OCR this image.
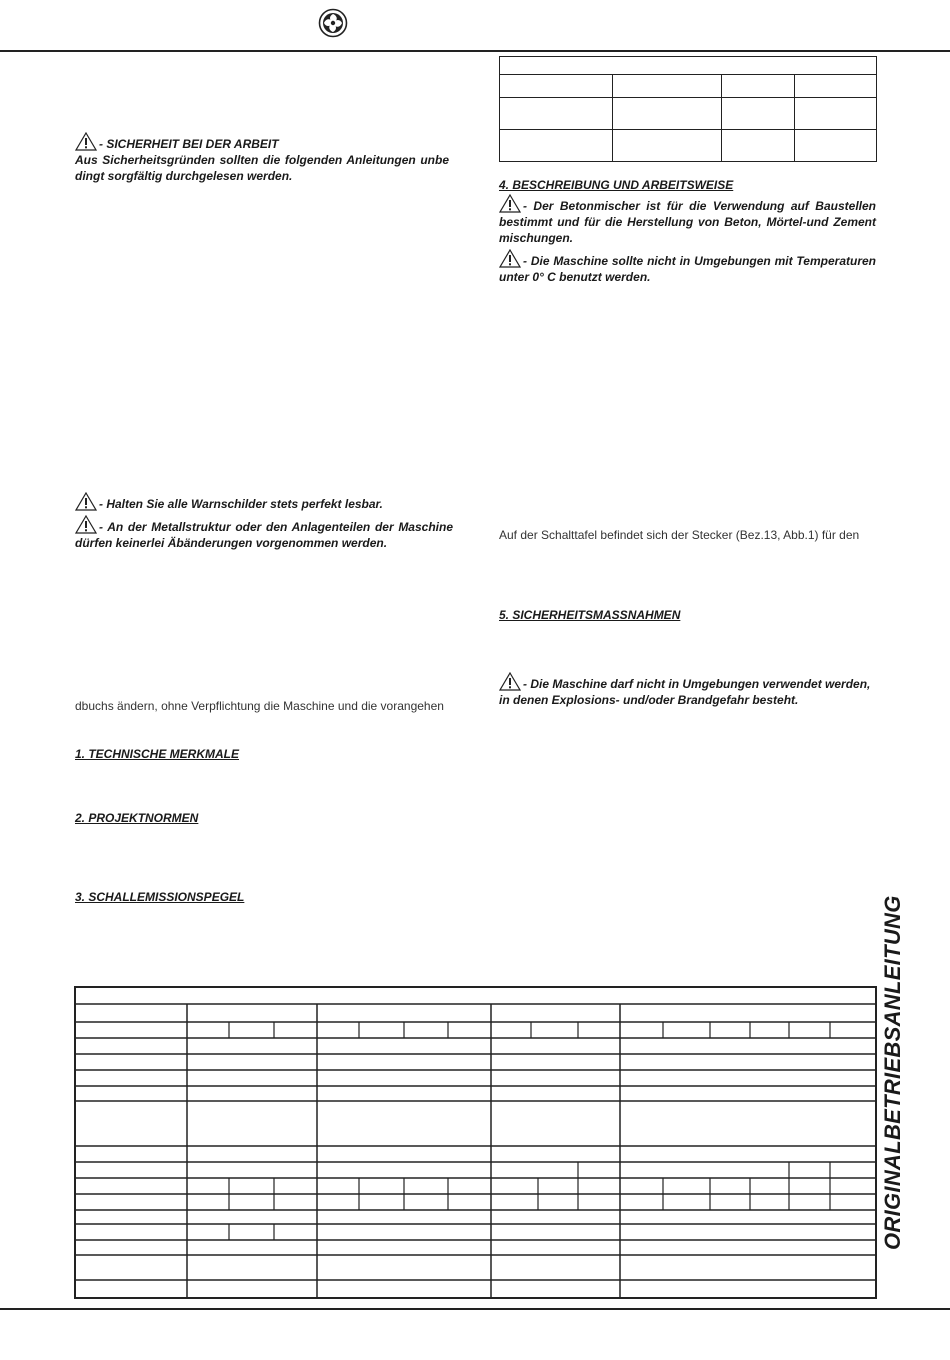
- SICHERHEIT BEI DER ARBEIT
Aus Sicherheitsgründen sollten die folgenden Anleitungen unbe dingt sorgfältig durchgelesen werden.
- Halten Sie alle Warnschilder stets perfekt lesbar.
- An der Metallstruktur oder den Anlagenteilen der Maschine dürfen keinerlei Äbänderungen vorgenommen werden.
dbuchs ändern, ohne Verpflichtung die Maschine und die vorangehen
1. TECHNISCHE MERKMALE
2. PROJEKTNORMEN
3. SCHALLEMISSIONSPEGEL
4. BESCHREIBUNG UND ARBEITSWEISE
- Der Betonmischer ist für die Verwendung auf Baustellen bestimmt und für die Herstellung von Beton, Mörtel-und Zement mischungen.
- Die Maschine sollte nicht in Umgebungen mit Temperaturen unter 0° C benutzt werden.
Auf der Schalttafel befindet sich der Stecker (Bez.13, Abb.1) für den
5. SICHERHEITSMASSNAHMEN
- Die Maschine darf nicht in Umgebungen verwendet werden, in denen Explosions- und/oder Brandgefahr besteht.
ORIGINALBETRIEBSANLEITUNG
